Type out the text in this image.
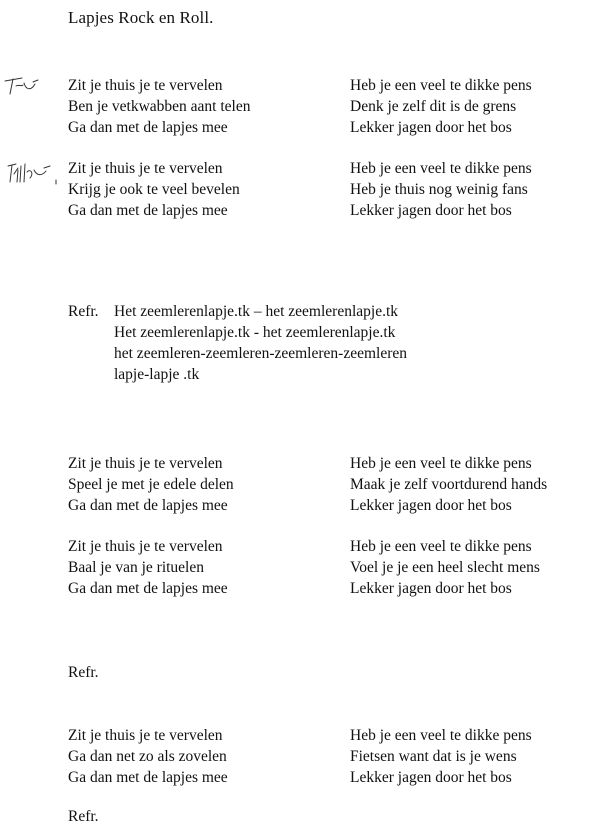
Lapjes Rock en Roll.
Zit je thuis je te vervelen
Ben je vetkwabben aant telen
Ga dan met de lapjes mee
Heb je een veel te dikke pens
Denk je zelf dit is de grens
Lekker jagen door het bos
Zit je thuis je te vervelen
Krijg je ook te veel bevelen
Ga dan met de lapjes mee
Heb je een veel te dikke pens
Heb je thuis nog weinig fans
Lekker jagen door het bos
Refr. Het zeemlerenlapje.tk – het zeemlerenlapje.tk
Het zeemlerenlapje.tk - het zeemlerenlapje.tk
het zeemleren-zeemleren-zeemleren-zeemleren
lapje-lapje .tk
Zit je thuis je te vervelen
Speel je met je edele delen
Ga dan met de lapjes mee
Heb je een veel te dikke pens
Maak je zelf voortdurend hands
Lekker jagen door het bos
Zit je thuis je te vervelen
Baal je van je rituelen
Ga dan met de lapjes mee
Heb je een veel te dikke pens
Voel je je een heel slecht mens
Lekker jagen door het bos
Refr.
Zit je thuis je te vervelen
Ga dan net zo als zovelen
Ga dan met de lapjes mee
Heb je een veel te dikke pens
Fietsen want dat is je wens
Lekker jagen door het bos
Refr.
